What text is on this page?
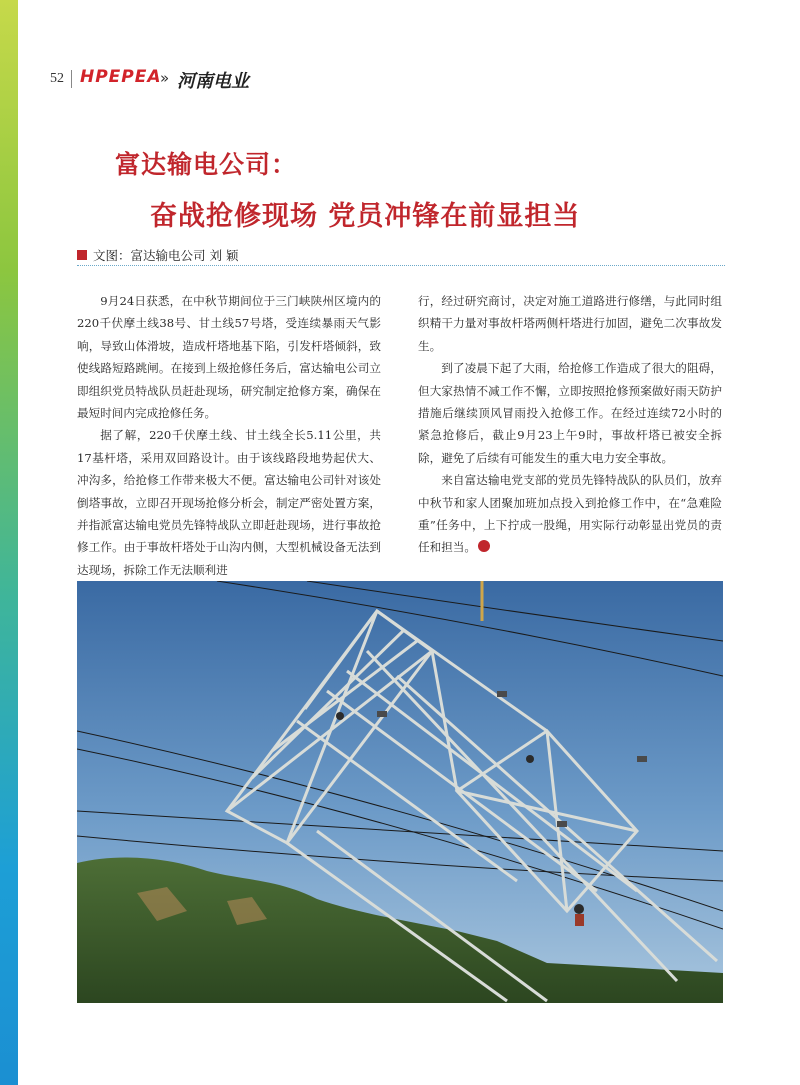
52 HPEPEA
» 河南电业
富达输电公司：
奋战抢修现场 党员冲锋在前显担当
文图：富达输电公司 刘 颖

9月24日获悉，在中秋节期间位于三门峡陕州区境内的220千伏摩土线38号、甘土线57号塔，受连续暴雨天气影响，导致山体滑坡，造成杆塔地基下陷，引发杆塔倾斜，致使线路短路跳闸。在接到上级抢修任务后，富达输电公司立即组织党员特战队员赶赴现场，研究制定抢修方案，确保在最短时间内完成抢修任务。

据了解，220千伏摩土线、甘土线全长5.11公里，共17基杆塔，采用双回路设计。由于该线路段地势起伏大、冲沟多，给抢修工作带来极大不便。富达输电公司针对该处倒塔事故，立即召开现场抢修分析会，制定严密处置方案，并指派富达输电党员先锋特战队立即赶赴现场，进行事故抢修工作。由于事故杆塔处于山沟内侧，大型机械设备无法到达现场，拆除工作无法顺利进

行，经过研究商讨，决定对施工道路进行修缮，与此同时组织精干力量对事故杆塔两侧杆塔进行加固，避免二次事故发生。

到了凌晨下起了大雨，给抢修工作造成了很大的阻碍，但大家热情不减工作不懈，立即按照抢修预案做好雨天防护措施后继续顶风冒雨投入抢修工作。在经过连续72小时的紧急抢修后，截止9月23上午9时，事故杆塔已被安全拆除，避免了后续有可能发生的重大电力安全事故。

来自富达输电党支部的党员先锋特战队的队员们，放弃中秋节和家人团聚加班加点投入到抢修工作中，在“急难险重”任务中，上下拧成一股绳，用实际行动彰显出党员的责任和担当。
